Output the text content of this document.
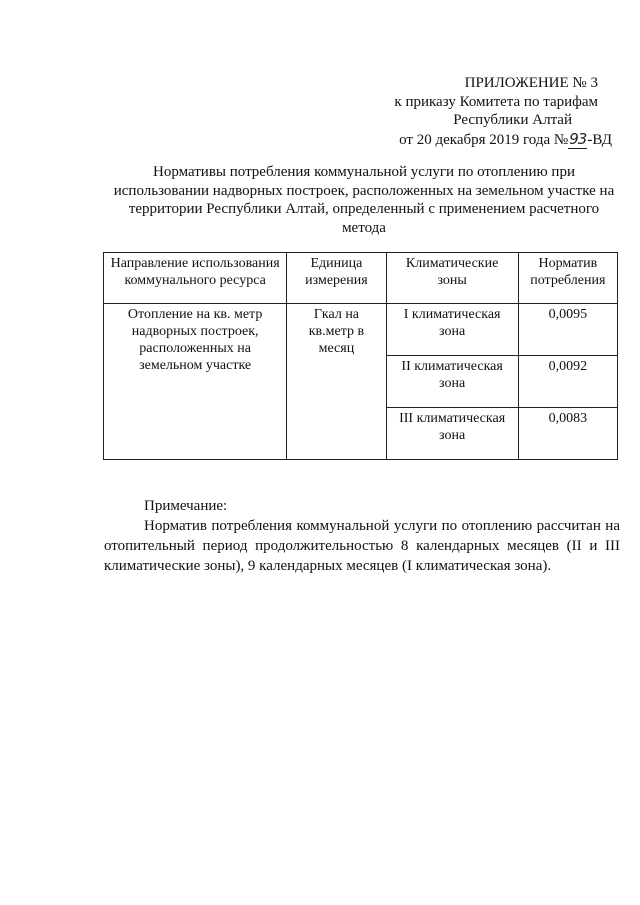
ПРИЛОЖЕНИЕ № 3
к приказу Комитета по тарифам
Республики Алтай
от 20 декабря 2019 года №93-ВД
Нормативы потребления коммунальной услуги по отоплению при использовании надворных построек, расположенных на земельном участке на территории Республики Алтай, определенный с применением расчетного метода
Направление использования коммунального ресурса	Единица измерения	Климатические зоны	Норматив потребления
Отопление на кв. метр надворных построек, расположенных на земельном участке	Гкал на кв.метр в месяц	I климатическая зона	0,0095
		II климатическая зона	0,0092
		III климатическая зона	0,0083
Примечание:
Норматив потребления коммунальной услуги по отоплению рассчитан на отопительный период продолжительностью 8 календарных месяцев (II и III климатические зоны), 9 календарных месяцев (I климатическая зона).
